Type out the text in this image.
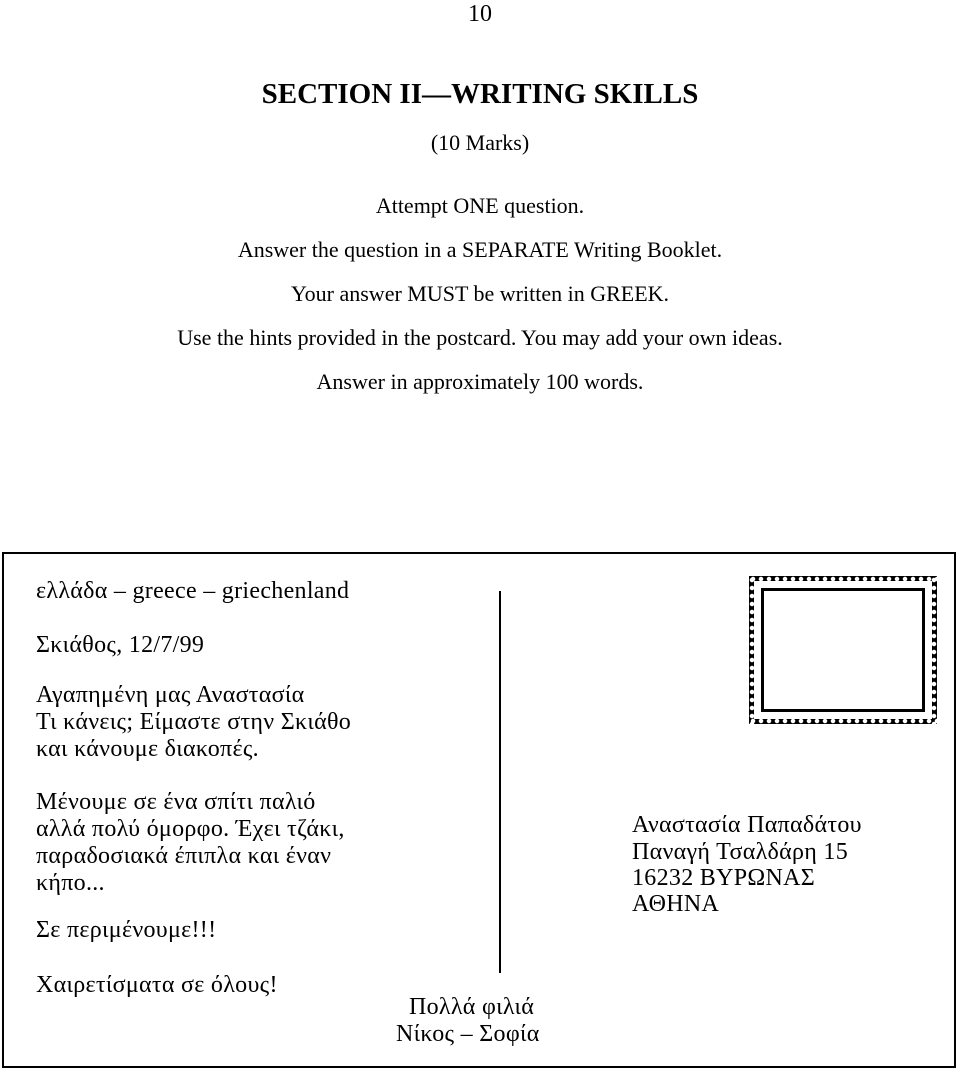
10
SECTION II—WRITING SKILLS
(10 Marks)
Attempt ONE question.
Answer the question in a SEPARATE Writing Booklet.
Your answer MUST be written in GREEK.
Use the hints provided in the postcard. You may add your own ideas.
Answer in approximately 100 words.
ελλάδα – greece – griechenland
Σκιάθος, 12/7/99
Αγαπημένη μας Αναστασία
Τι κάνεις; Είμαστε στην Σκιάθο
και κάνουμε διακοπές.
Μένουμε σε ένα σπίτι παλιό
αλλά πολύ όμορφο. Έχει τζάκι,
παραδοσιακά έπιπλα και έναν
κήπο...
Σε περιμένουμε!!!
Χαιρετίσματα σε όλους!
Πολλά φιλιά
Νίκος – Σοφία
Αναστασία Παπαδάτου
Παναγή Τσαλδάρη 15
16232 ΒΥΡΩΝΑΣ
ΑΘΗΝΑ
